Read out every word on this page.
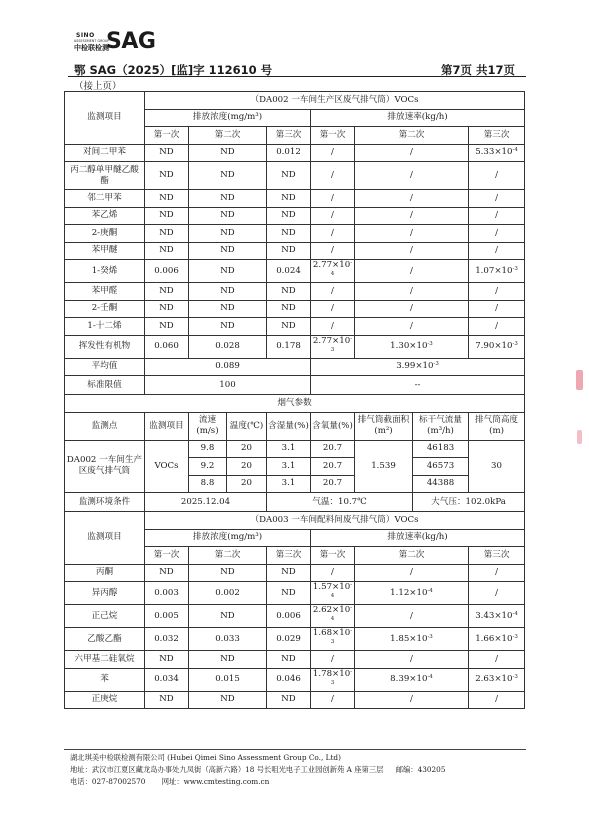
SINO
ASSESSMENT GROUP
中检联检测
SAG
鄂 SAG（2025）[监]字 112610 号	第7页 共17页
（接上页）
监测项目	（DA002 一车间生产区废气排气筒）VOCs							
	排放浓度(mg/m³)				排放速率(kg/h)			
	第一次	第二次		第三次	第一次	第二次		第三次
对间二甲苯	ND	ND		0.012	/	/		$5.33\times 10^{-4}$
丙二醇单甲醚乙酸酯	ND	ND		ND	/	/		/
邻二甲苯	ND	ND		ND	/	/		/
苯乙烯	ND	ND		ND	/	/		/
2-庚酮	ND	ND		ND	/	/		/
苯甲醚	ND	ND		ND	/	/		/
1-癸烯	0.006	ND		0.024	$2.77\times 10^{-4}$	/		$1.07\times 10^{-3}$
苯甲醛	ND	ND		ND	/	/		/
2-壬酮	ND	ND		ND	/	/		/
1-十二烯	ND	ND		ND	/	/		/
挥发性有机物	0.060	0.028		0.178	$2.77\times 10^{-3}$	$1.30\times 10^{-3}$		$7.90\times 10^{-3}$
平均值	0.089				$3.99\times 10^{-3}$
标准限值	100				--			
烟气参数								
监测点	监测项目	流速(m/s)	温度(℃)	含湿量(%)	含氧量(%)	排气筒截面积(m²)	标干气流量(m³/h)	排气筒高度(m)
DA002 一车间生产区废气排气筒	VOCs	9.8	20	3.1	20.7	1.539	46183	30
		9.2	20	3.1	20.7		46573	
		8.8	20	3.1	20.7		44388	
监测环境条件	2025.12.04			气温：10.7℃			大气压：102.0kPa	
监测项目	（DA003 一车间配料间废气排气筒）VOCs							
	排放浓度(mg/m³)				排放速率(kg/h)			
	第一次	第二次		第三次	第一次	第二次		第三次
丙酮	ND	ND		ND	/	/		/
异丙醇	0.003	0.002		ND	$1.57\times 10^{-4}$	$1.12\times 10^{-4}$		/
正己烷	0.005	ND		0.006	$2.62\times 10^{-4}$	/		$3.43\times 10^{-4}$
乙酸乙酯	0.032	0.033		0.029	$1.68\times 10^{-3}$	$1.85\times 10^{-3}$		$1.66\times 10^{-3}$
六甲基二硅氧烷	ND	ND		ND	/	/		/
苯	0.034	0.015		0.046	$1.78\times 10^{-3}$	$8.39\times 10^{-4}$		$2.63\times 10^{-3}$
正庚烷	ND	ND		ND	/	/		/
湖北琪美中检联检测有限公司 (Hubei Qimei Sino Assessment Group Co., Ltd)
地址：武汉市江夏区藏龙岛办事处九凤街（高新六路）18 号长咀光电子工业园创新苑 A 座第三层 邮编：430205
电话：027-87002570 网址：www.cmtesting.com.cn
